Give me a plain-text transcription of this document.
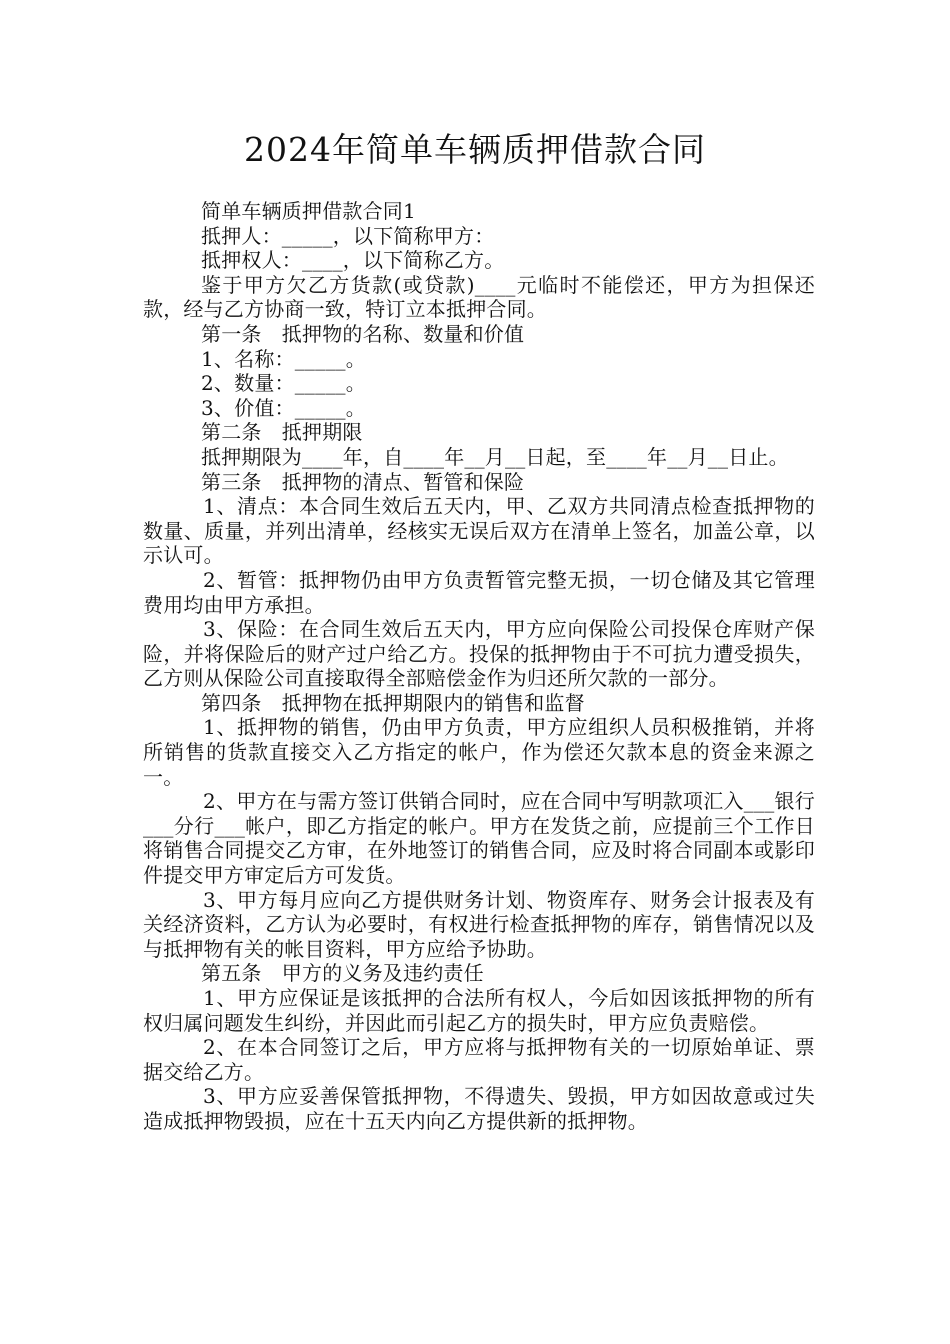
2024年简单车辆质押借款合同

简单车辆质押借款合同1

抵押人：_____，以下简称甲方：

抵押权人：____，以下简称乙方。

鉴于甲方欠乙方货款(或贷款)____元临时不能偿还，甲方为担保还款，经与乙方协商一致，特订立本抵押合同。

第一条　抵押物的名称、数量和价值

1、名称：_____。

2、数量：_____。

3、价值：_____。

第二条　抵押期限

抵押期限为____年，自____年__月__日起，至____年__月__日止。

第三条　抵押物的清点、暂管和保险

1、清点：本合同生效后五天内，甲、乙双方共同清点检查抵押物的数量、质量，并列出清单，经核实无误后双方在清单上签名，加盖公章，以示认可。

2、暂管：抵押物仍由甲方负责暂管完整无损，一切仓储及其它管理费用均由甲方承担。

3、保险：在合同生效后五天内，甲方应向保险公司投保仓库财产保险，并将保险后的财产过户给乙方。投保的抵押物由于不可抗力遭受损失，乙方则从保险公司直接取得全部赔偿金作为归还所欠款的一部分。

第四条　抵押物在抵押期限内的销售和监督

1、抵押物的销售，仍由甲方负责，甲方应组织人员积极推销，并将所销售的货款直接交入乙方指定的帐户，作为偿还欠款本息的资金来源之一。

2、甲方在与需方签订供销合同时，应在合同中写明款项汇入___银行___分行___帐户，即乙方指定的帐户。甲方在发货之前，应提前三个工作日将销售合同提交乙方审，在外地签订的销售合同，应及时将合同副本或影印件提交甲方审定后方可发货。

3、甲方每月应向乙方提供财务计划、物资库存、财务会计报表及有关经济资料，乙方认为必要时，有权进行检查抵押物的库存，销售情况以及与抵押物有关的帐目资料，甲方应给予协助。

第五条　甲方的义务及违约责任

1、甲方应保证是该抵押的合法所有权人，今后如因该抵押物的所有权归属问题发生纠纷，并因此而引起乙方的损失时，甲方应负责赔偿。

2、在本合同签订之后，甲方应将与抵押物有关的一切原始单证、票据交给乙方。

3、甲方应妥善保管抵押物，不得遗失、毁损，甲方如因故意或过失造成抵押物毁损，应在十五天内向乙方提供新的抵押物。
